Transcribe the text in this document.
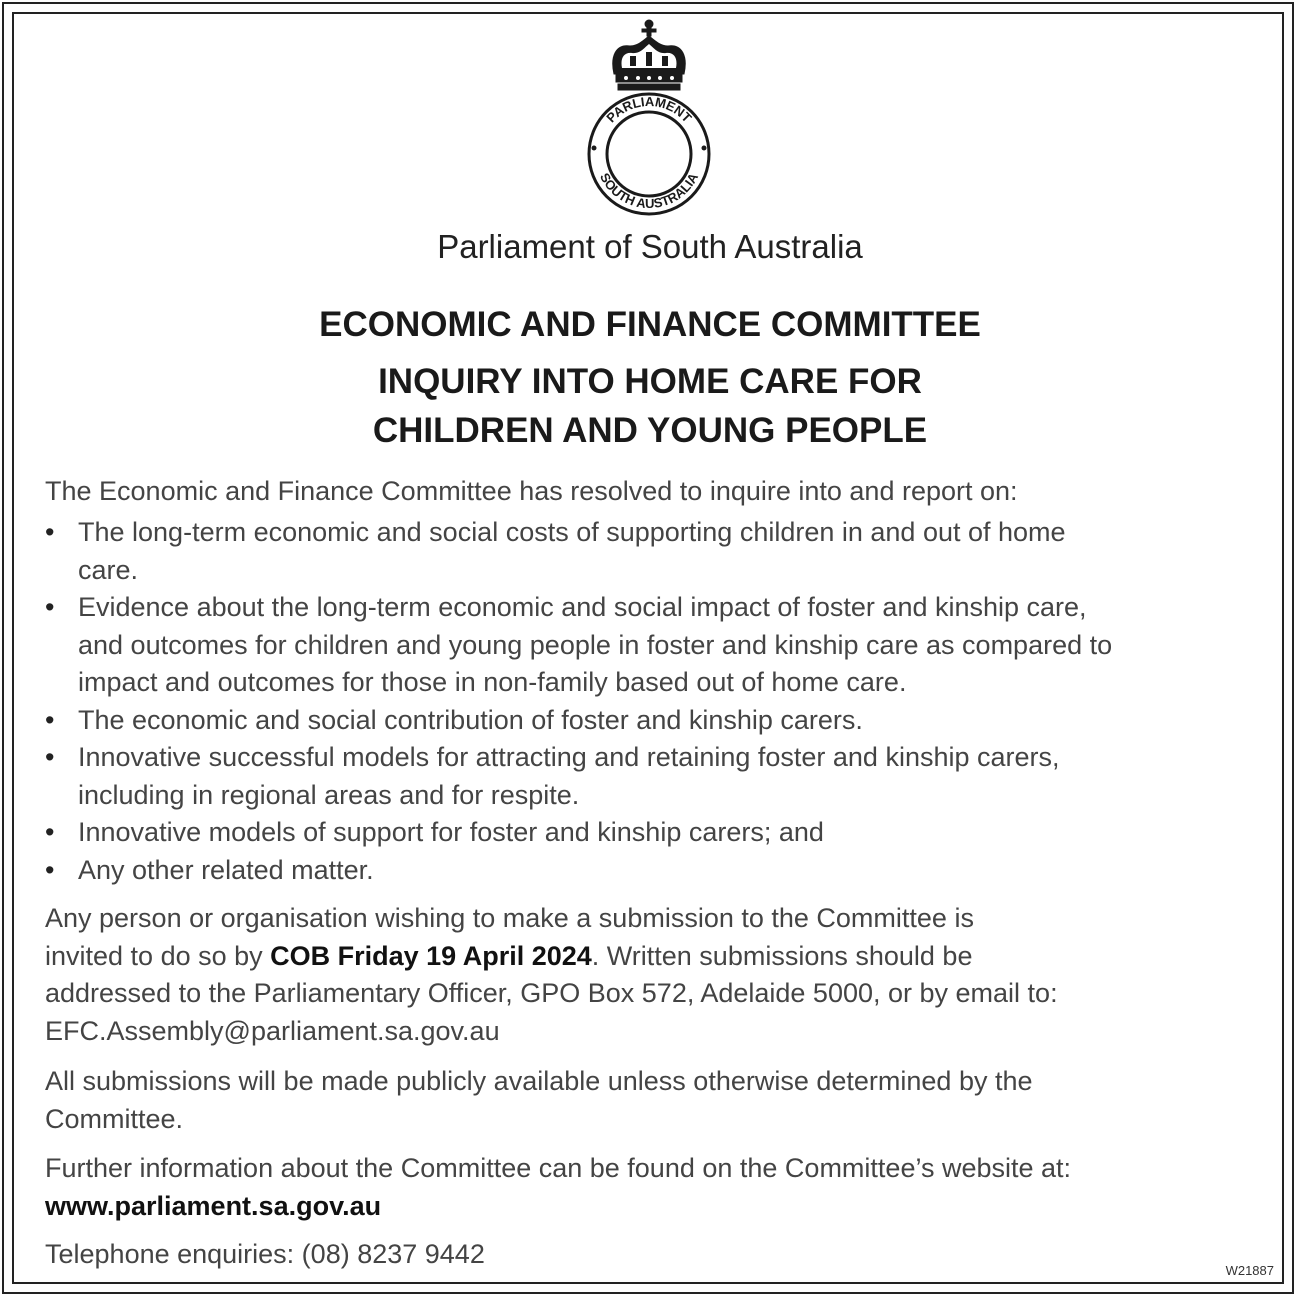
PARLIAMENT
SOUTH AUSTRALIA
Parliament of South Australia
ECONOMIC AND FINANCE COMMITTEE
INQUIRY INTO HOME CARE FOR
CHILDREN AND YOUNG PEOPLE
The Economic and Finance Committee has resolved to inquire into and report on:
• The long-term economic and social costs of supporting children in and out of home
care.
• Evidence about the long-term economic and social impact of foster and kinship care,
and outcomes for children and young people in foster and kinship care as compared to
impact and outcomes for those in non-family based out of home care.
• The economic and social contribution of foster and kinship carers.
• Innovative successful models for attracting and retaining foster and kinship carers,
including in regional areas and for respite.
• Innovative models of support for foster and kinship carers; and
• Any other related matter.
Any person or organisation wishing to make a submission to the Committee is
invited to do so by COB Friday 19 April 2024. Written submissions should be
addressed to the Parliamentary Officer, GPO Box 572, Adelaide 5000, or by email to:
EFC.Assembly@parliament.sa.gov.au
All submissions will be made publicly available unless otherwise determined by the
Committee.
Further information about the Committee can be found on the Committee’s website at:
www.parliament.sa.gov.au
Telephone enquiries: (08) 8237 9442
W21887
